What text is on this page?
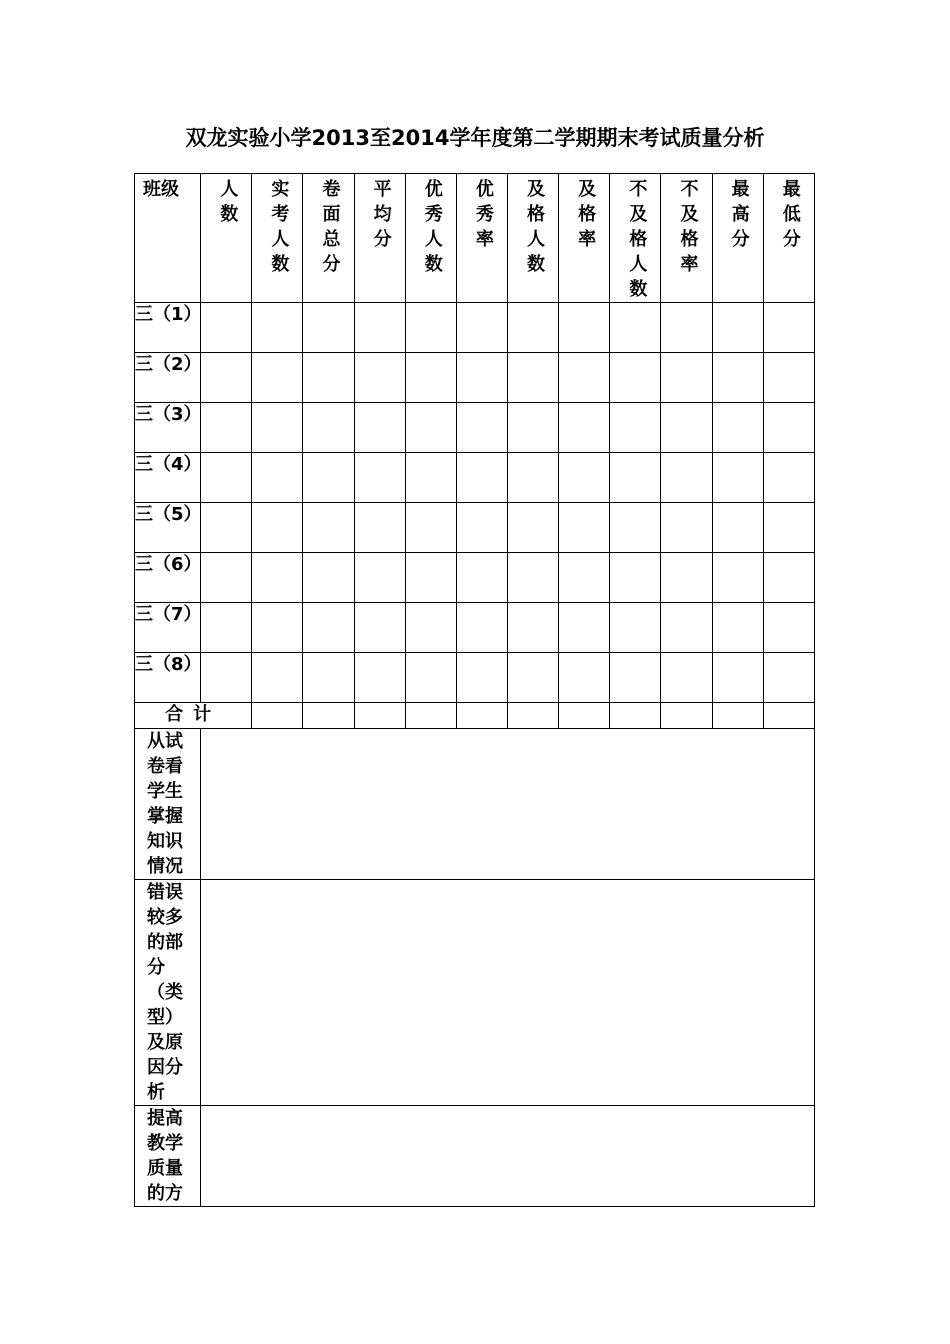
双龙实验小学2013至2014学年度第二学期期末考试质量分析
班级	人数	实考人数	卷面总分	平均分	优秀人数	优秀率	及格人数	及格率	不及格人数	不及格率	最高分	最低分

三（1）												
三（2）												
三（3）												
三（4）												
三（5）												
三（6）												
三（7）												
三（8）												
合计												

从试卷看学生掌握知识情况												

错误较多的部分（类型）及原因分析												

提高教学质量的方												
